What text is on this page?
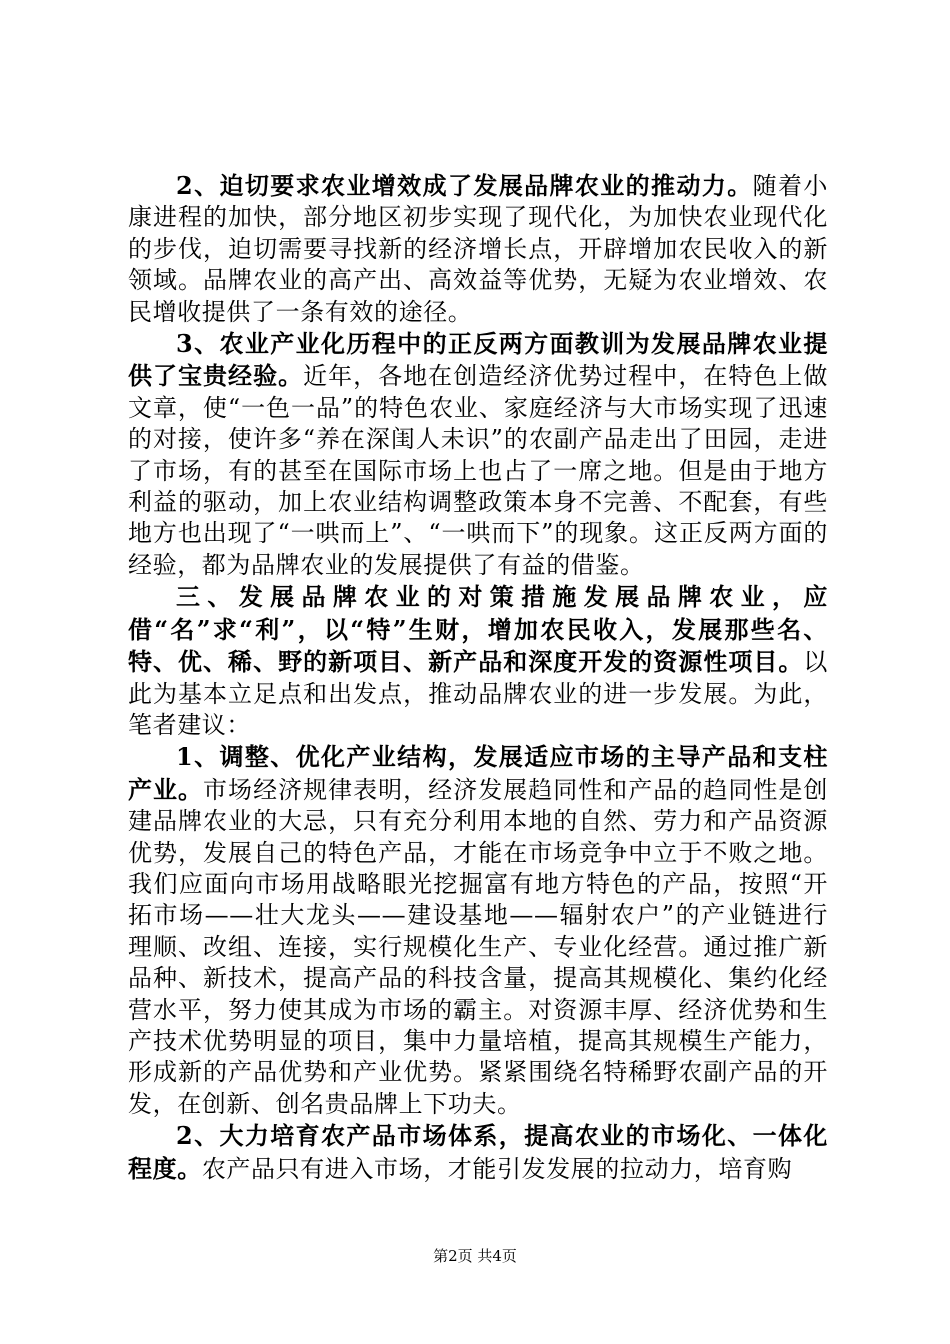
2、迫切要求农业增效成了发展品牌农业的推动力。随着小康进程的加快，部分地区初步实现了现代化，为加快农业现代化的步伐，迫切需要寻找新的经济增长点，开辟增加农民收入的新领域。品牌农业的高产出、高效益等优势，无疑为农业增效、农民增收提供了一条有效的途径。

3、农业产业化历程中的正反两方面教训为发展品牌农业提供了宝贵经验。近年，各地在创造经济优势过程中，在特色上做文章，使“一色一品”的特色农业、家庭经济与大市场实现了迅速的对接，使许多“养在深闺人未识”的农副产品走出了田园，走进了市场，有的甚至在国际市场上也占了一席之地。但是由于地方利益的驱动，加上农业结构调整政策本身不完善、不配套，有些地方也出现了“一哄而上”、“一哄而下”的现象。这正反两方面的经验，都为品牌农业的发展提供了有益的借鉴。

三、发展品牌农业的对策措施发展品牌农业，应借“名”求“利”，以“特”生财，增加农民收入，发展那些名、特、优、稀、野的新项目、新产品和深度开发的资源性项目。以此为基本立足点和出发点，推动品牌农业的进一步发展。为此，笔者建议：

1、调整、优化产业结构，发展适应市场的主导产品和支柱产业。市场经济规律表明，经济发展趋同性和产品的趋同性是创建品牌农业的大忌，只有充分利用本地的自然、劳力和产品资源优势，发展自己的特色产品，才能在市场竞争中立于不败之地。我们应面向市场用战略眼光挖掘富有地方特色的产品，按照“开拓市场——壮大龙头——建设基地——辐射农户”的产业链进行理顺、改组、连接，实行规模化生产、专业化经营。通过推广新品种、新技术，提高产品的科技含量，提高其规模化、集约化经营水平，努力使其成为市场的霸主。对资源丰厚、经济优势和生产技术优势明显的项目，集中力量培植，提高其规模生产能力，形成新的产品优势和产业优势。紧紧围绕名特稀野农副产品的开发，在创新、创名贵品牌上下功夫。

2、大力培育农产品市场体系，提高农业的市场化、一体化程度。农产品只有进入市场，才能引发发展的拉动力，培育购

第2页 共4页
